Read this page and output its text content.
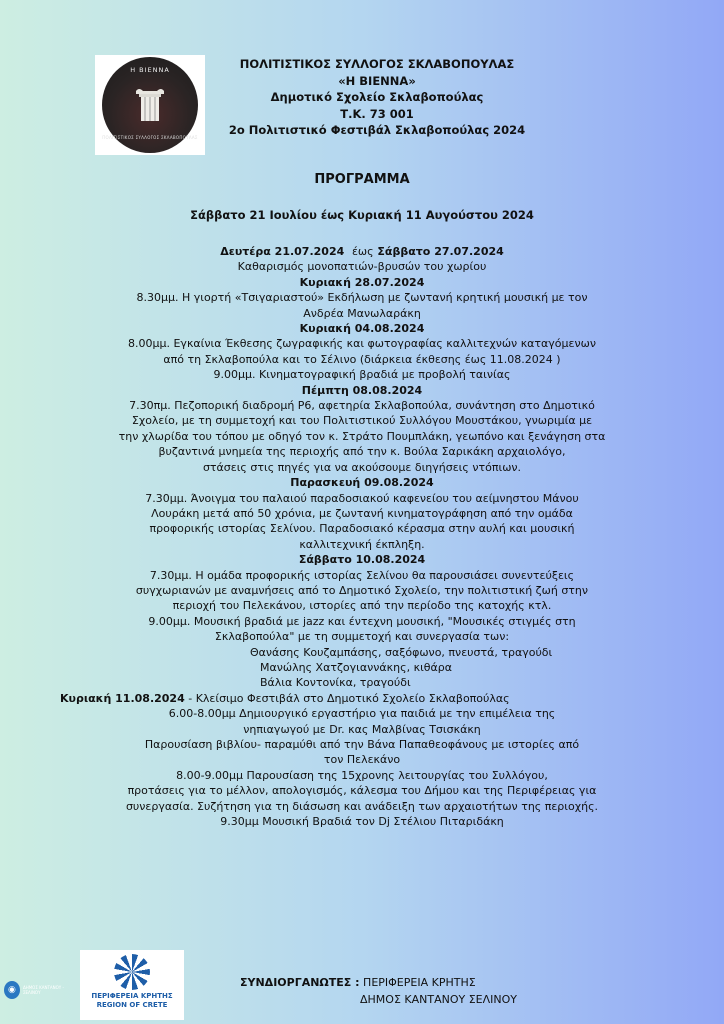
Η ΒΙΕΝΝΑ
ΠΟΛΙΤΙΣΤΙΚΟΣ ΣΥΛΛΟΓΟΣ ΣΚΛΑΒΟΠΟΥΛΑΣ
ΠΟΛΙΤΙΣΤΙΚΟΣ ΣΥΛΛΟΓΟΣ ΣΚΛΑΒΟΠΟΥΛΑΣ
«Η ΒΙΕΝΝΑ»
Δημοτικό Σχολείο Σκλαβοπούλας
Τ.Κ. 73 001
2ο Πολιτιστικό Φεστιβάλ Σκλαβοπούλας 2024
ΠΡΟΓΡΑΜΜΑ
Σάββατο 21 Ιουλίου έως Κυριακή 11 Αυγούστου 2024

Δευτέρα 21.07.2024 έως Σάββατο 27.07.2024

Καθαρισμός μονοπατιών-βρυσών του χωρίου

Κυριακή 28.07.2024

8.30μμ. Η γιορτή «Τσιγαριαστού» Εκδήλωση με ζωντανή κρητική μουσική με τον

Ανδρέα Μανωλαράκη

Κυριακή 04.08.2024

8.00μμ. Εγκαίνια Έκθεσης ζωγραφικής και φωτογραφίας καλλιτεχνών καταγόμενων

από τη Σκλαβοπούλα και το Σέλινο (διάρκεια έκθεσης έως 11.08.2024 )

9.00μμ. Κινηματογραφική βραδιά με προβολή ταινίας

Πέμπτη 08.08.2024

7.30πμ. Πεζοπορική διαδρομή Ρ6, αφετηρία Σκλαβοπούλα, συνάντηση στο Δημοτικό

Σχολείο, με τη συμμετοχή και του Πολιτιστικού Συλλόγου Μουστάκου, γνωριμία με

την χλωρίδα του τόπου με οδηγό τον κ. Στράτο Πουμπλάκη, γεωπόνο και ξενάγηση στα

βυζαντινά μνημεία της περιοχής από την κ. Βούλα Σαρικάκη αρχαιολόγο,

στάσεις στις πηγές για να ακούσουμε διηγήσεις ντόπιων.

Παρασκευή 09.08.2024

7.30μμ. Άνοιγμα του παλαιού παραδοσιακού καφενείου του αείμνηστου Μάνου

Λουράκη μετά από 50 χρόνια, με ζωντανή κινηματογράφηση από την ομάδα

προφορικής ιστορίας Σελίνου. Παραδοσιακό κέρασμα στην αυλή και μουσική

καλλιτεχνική έκπληξη.

Σάββατο 10.08.2024

7.30μμ. Η ομάδα προφορικής ιστορίας Σελίνου θα παρουσιάσει συνεντεύξεις

συγχωριανών με αναμνήσεις από το Δημοτικό Σχολείο, την πολιτιστική ζωή στην

περιοχή του Πελεκάνου, ιστορίες από την περίοδο της κατοχής κτλ.

9.00μμ. Μουσική βραδιά με jazz και έντεχνη μουσική, "Μουσικές στιγμές στη

Σκλαβοπούλα" με τη συμμετοχή και συνεργασία των:

Θανάσης Κουζαμπάσης, σαξόφωνο, πνευστά, τραγούδι

Μανώλης Χατζογιαννάκης, κιθάρα

Βάλια Κοντονίκα, τραγούδι

Κυριακή 11.08.2024 - Κλείσιμο Φεστιβάλ στο Δημοτικό Σχολείο Σκλαβοπούλας

6.00-8.00μμ Δημιουργικό εργαστήριο για παιδιά με την επιμέλεια της

νηπιαγωγού με Dr. κας Μαλβίνας Τσισκάκη

Παρουσίαση βιβλίου- παραμύθι από την Βάνα Παπαθεοφάνους με ιστορίες από

τον Πελεκάνο

8.00-9.00μμ Παρουσίαση της 15χρονης λειτουργίας του Συλλόγου,

προτάσεις για το μέλλον, απολογισμός, κάλεσμα του Δήμου και της Περιφέρειας για

συνεργασία. Συζήτηση για τη διάσωση και ανάδειξη των αρχαιοτήτων της περιοχής.

9.30μμ Μουσική Βραδιά τον Dj Στέλιου Πιταριδάκη

◉	ΔΗΜΟΣ ΚΑΝΤΑΝΟΥ - ΣΕΛΙΝΟΥ	ΠΕΡΙΦΕΡΕΙΑ ΚΡΗΤΗΣ
REGION OF CRETE
ΣΥΝΔΙΟΡΓΑΝΩΤΕΣ : ΠΕΡΙΦΕΡΕΙΑ ΚΡΗΤΗΣ
ΔΗΜΟΣ ΚΑΝΤΑΝΟΥ ΣΕΛΙΝΟΥ
